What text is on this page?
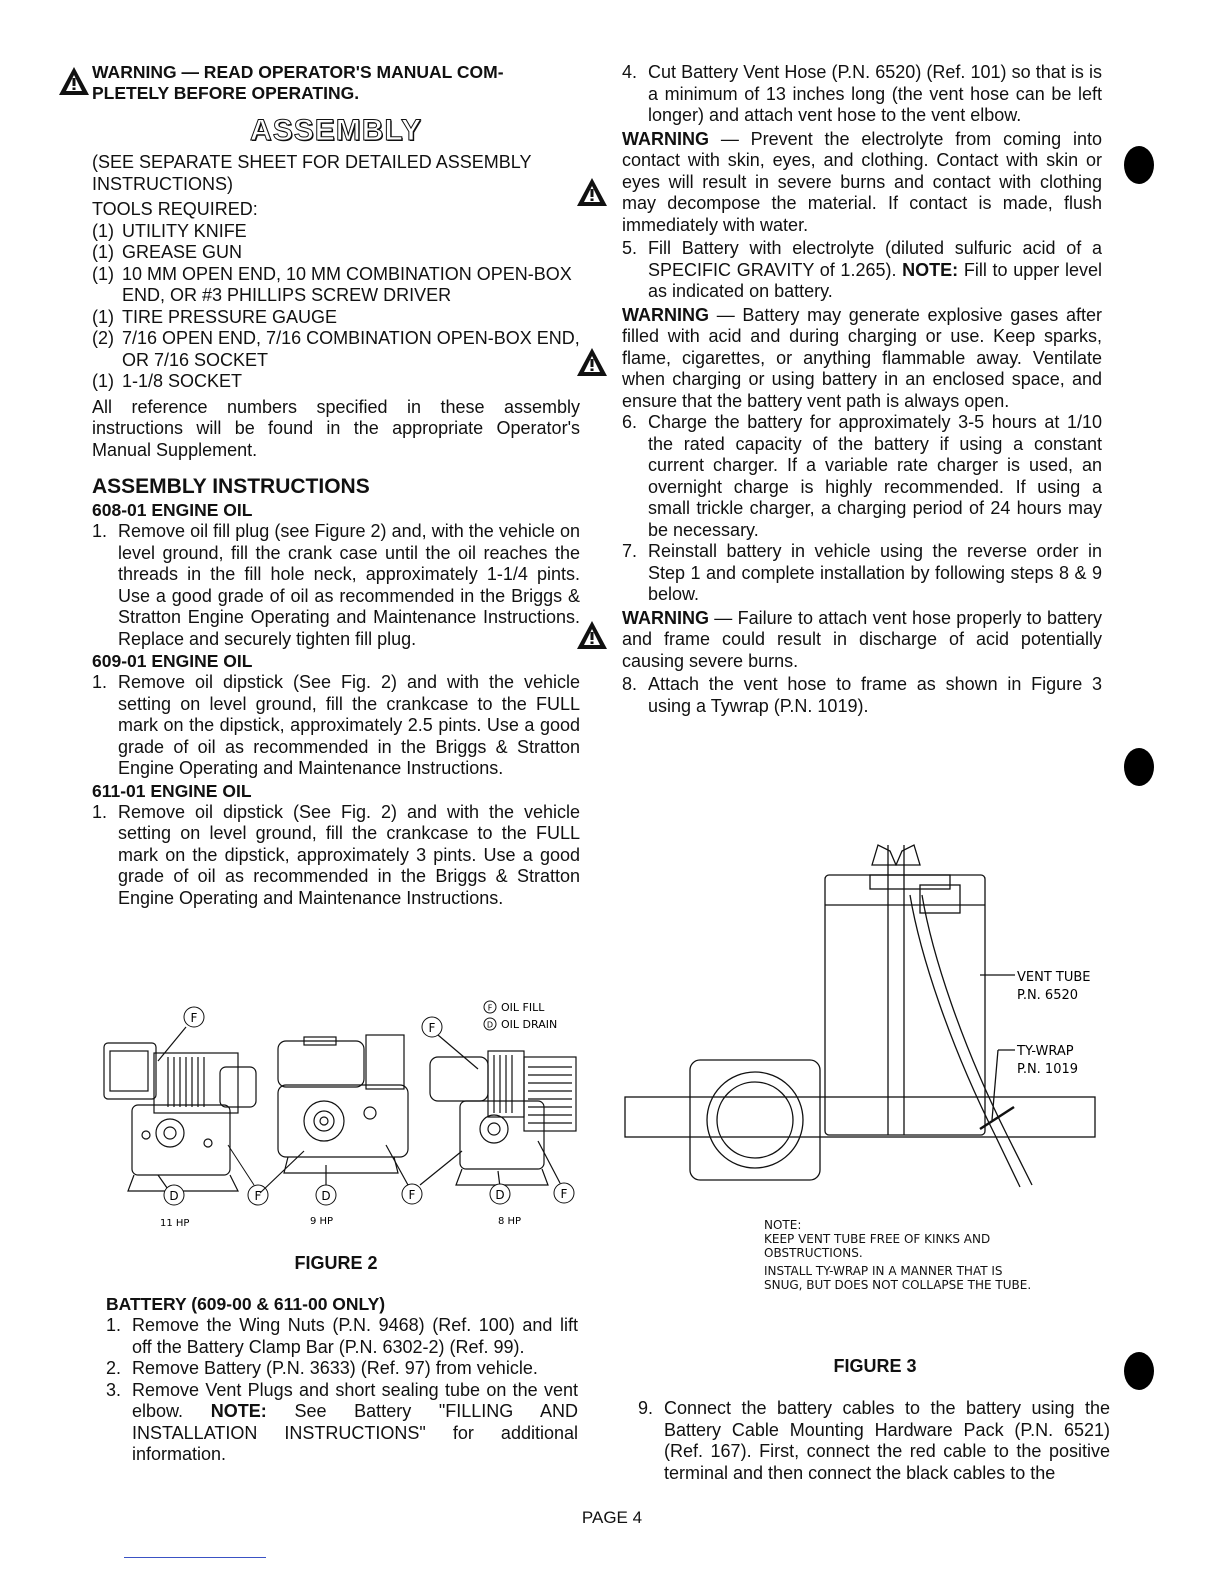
WARNING — READ OPERATOR'S MANUAL COM-

PLETELY BEFORE OPERATING.

ASSEMBLY

(SEE SEPARATE SHEET FOR DETAILED ASSEMBLY

INSTRUCTIONS)

TOOLS REQUIRED:

(1) UTILITY KNIFE

(1) GREASE GUN

(1) 10 MM OPEN END, 10 MM COMBINATION OPEN-BOX END, OR #3 PHILLIPS SCREW DRIVER

(1) TIRE PRESSURE GAUGE

(2) 7/16 OPEN END, 7/16 COMBINATION OPEN-BOX END, OR 7/16 SOCKET

(1) 1-1/8 SOCKET

All reference numbers specified in these assembly instructions will be found in the appropriate Operator's Manual Supplement.

ASSEMBLY INSTRUCTIONS

608-01 ENGINE OIL

1. Remove oil fill plug (see Figure 2) and, with the vehicle on level ground, fill the crank case until the oil reaches the threads in the fill hole neck, approximately 1-1/4 pints. Use a good grade of oil as recommended in the Briggs & Stratton Engine Operating and Maintenance Instructions. Replace and securely tighten fill plug.

609-01 ENGINE OIL

1. Remove oil dipstick (See Fig. 2) and with the vehicle setting on level ground, fill the crankcase to the FULL mark on the dipstick, approximately 2.5 pints. Use a good grade of oil as recommended in the Briggs & Stratton Engine Operating and Maintenance Instructions.

611-01 ENGINE OIL

1. Remove oil dipstick (See Fig. 2) and with the vehicle setting on level ground, fill the crankcase to the FULL mark on the dipstick, approximately 3 pints. Use a good grade of oil as recommended in the Briggs & Stratton Engine Operating and Maintenance Instructions.

F OIL FILL
D OIL DRAIN
F
D	F
11 HP
D	F
9 HP
F
D	F
8 HP
FIGURE 2

BATTERY (609-00 & 611-00 ONLY)

1. Remove the Wing Nuts (P.N. 9468) (Ref. 100) and lift off the Battery Clamp Bar (P.N. 6302-2) (Ref. 99).

2. Remove Battery (P.N. 3633) (Ref. 97) from vehicle.

3. Remove Vent Plugs and short sealing tube on the vent elbow. NOTE: See Battery "FILLING AND INSTALLATION INSTRUCTIONS" for additional information.

4. Cut Battery Vent Hose (P.N. 6520) (Ref. 101) so that is is a minimum of 13 inches long (the vent hose can be left longer) and attach vent hose to the vent elbow.

WARNING — Prevent the electrolyte from coming into contact with skin, eyes, and clothing. Contact with skin or eyes will result in severe burns and contact with clothing may decompose the material. If contact is made, flush immediately with water.

5. Fill Battery with electrolyte (diluted sulfuric acid of a SPECIFIC GRAVITY of 1.265). NOTE: Fill to upper level as indicated on battery.

WARNING — Battery may generate explosive gases after filled with acid and during charging or use. Keep sparks, flame, cigarettes, or anything flammable away. Ventilate when charging or using battery in an enclosed space, and ensure that the battery vent path is always open.

6. Charge the battery for approximately 3-5 hours at 1/10 the rated capacity of the battery if using a constant current charger. If a variable rate charger is used, an overnight charge is highly recommended. If using a small trickle charger, a charging period of 24 hours may be necessary.

7. Reinstall battery in vehicle using the reverse order in Step 1 and complete installation by following steps 8 & 9 below.

WARNING — Failure to attach vent hose properly to battery and frame could result in discharge of acid potentially causing severe burns.

8. Attach the vent hose to frame as shown in Figure 3 using a Tywrap (P.N. 1019).

VENT TUBE
P.N. 6520
TY-WRAP
P.N. 1019

NOTE:

KEEP VENT TUBE FREE OF KINKS AND

OBSTRUCTIONS.

INSTALL TY-WRAP IN A MANNER THAT IS

SNUG, BUT DOES NOT COLLAPSE THE TUBE.

FIGURE 3

9. Connect the battery cables to the battery using the Battery Cable Mounting Hardware Pack (P.N. 6521) (Ref. 167). First, connect the red cable to the positive terminal and then connect the black cables to the

PAGE 4
